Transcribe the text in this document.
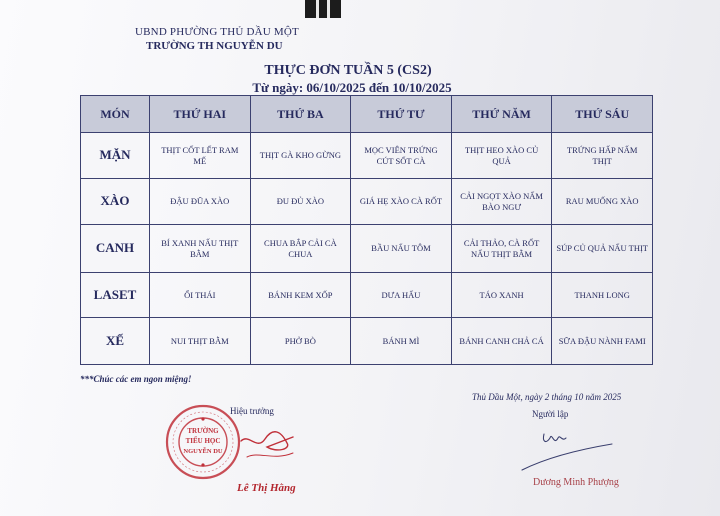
UBND PHƯỜNG THỦ DẦU MỘT
TRƯỜNG TH NGUYỄN DU
THỰC ĐƠN TUẦN 5 (CS2)
Từ ngày: 06/10/2025 đến 10/10/2025
MÓN	THỨ HAI	THỨ BA	THỨ TƯ	THỨ NĂM	THỨ SÁU
MẶN	THỊT CỐT LẾT RAM MẾ	THỊT GÀ KHO GỪNG	MỌC VIÊN TRỨNG CÚT SỐT CÀ	THỊT HEO XÀO CỦ QUẢ	TRỨNG HẤP NẤM THỊT
XÀO	ĐẬU ĐŨA XÀO	ĐU ĐỦ XÀO	GIÁ HẸ XÀO CÀ RỐT	CẢI NGỌT XÀO NẤM BÀO NGƯ	RAU MUỐNG XÀO
CANH	BÍ XANH NẤU THỊT BẰM	CHUA BẮP CẢI CÀ CHUA	BẦU NẤU TÔM	CẢI THẢO, CÀ RỐT NẤU THỊT BẰM	SÚP CỦ QUẢ NẤU THỊT
LASET	ỔI THÁI	BÁNH KEM XỐP	DƯA HẤU	TÁO XANH	THANH LONG
XẾ	NUI THỊT BẰM	PHỞ BÒ	BÁNH MÌ	BÁNH CANH CHẢ CÁ	SỮA ĐẬU NÀNH FAMI
***Chúc các em ngon miệng!
Hiệu trưởng
TRƯỜNG
TIỂU HỌC
NGUYỄN DU
Lê Thị Hằng
Thủ Dầu Một, ngày 2 tháng 10 năm 2025
Người lập
Dương Minh Phượng
